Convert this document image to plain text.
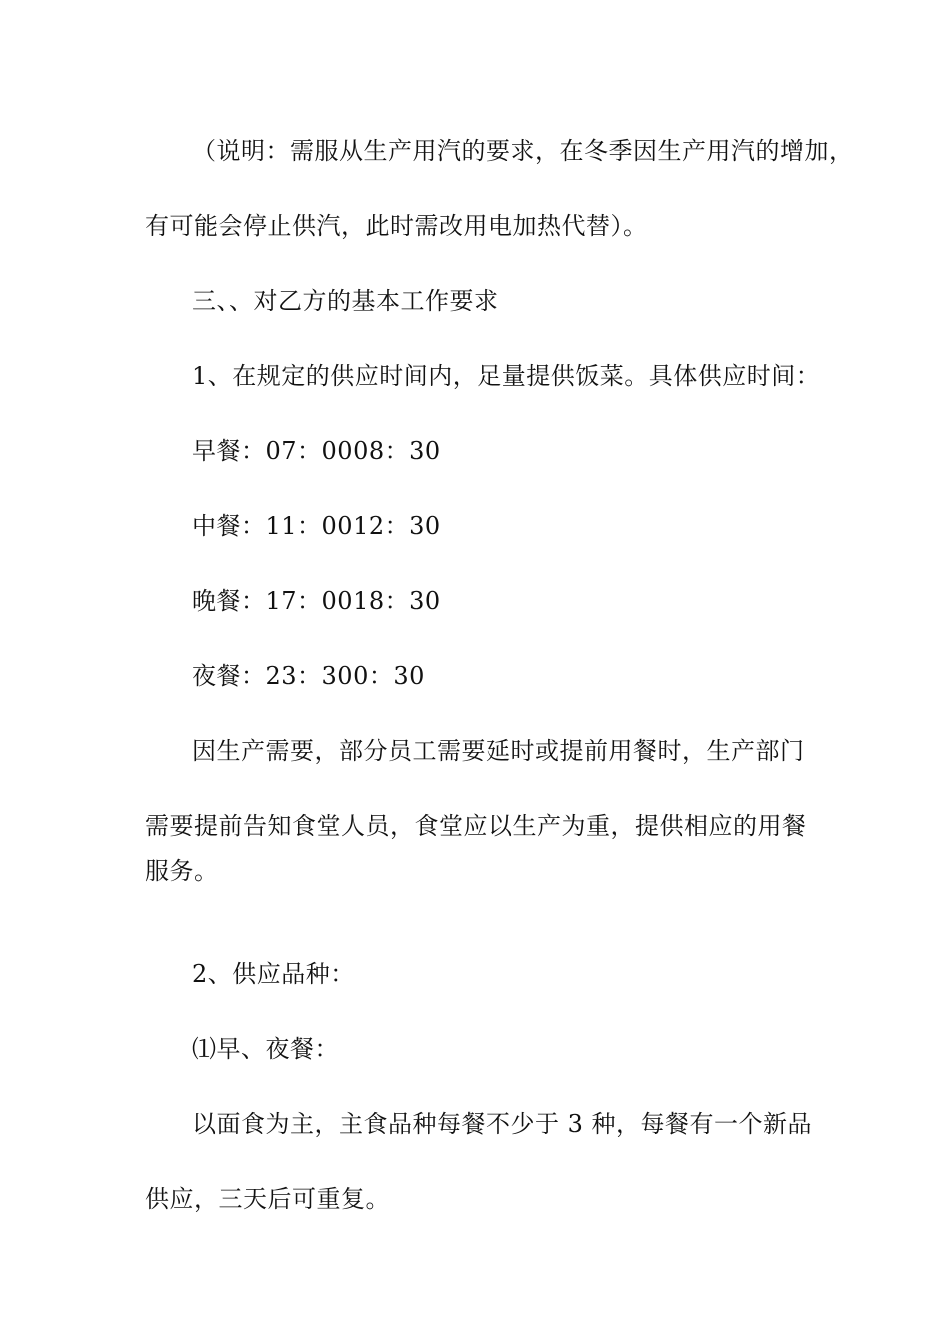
（说明：需服从生产用汽的要求，在冬季因生产用汽的增加，
有可能会停止供汽，此时需改用电加热代替）。
三、、对乙方的基本工作要求
1、在规定的供应时间内，足量提供饭菜。具体供应时间：
早餐：07：0008：30
中餐：11：0012：30
晚餐：17：0018：30
夜餐：23：300：30
因生产需要，部分员工需要延时或提前用餐时，生产部门
需要提前告知食堂人员，食堂应以生产为重，提供相应的用餐
服务。
2、供应品种：
⑴早、夜餐：
以面食为主，主食品种每餐不少于 3 种，每餐有一个新品
供应，三天后可重复。
